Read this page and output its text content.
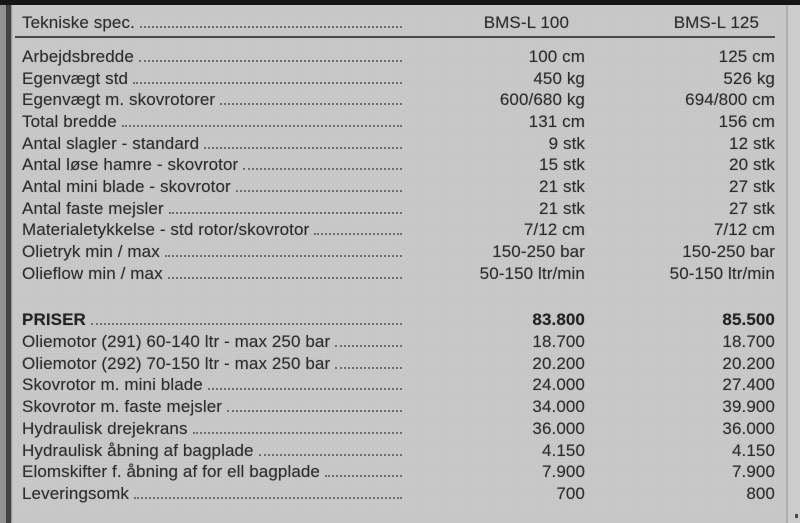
Tekniske spec.	BMS-L 100	BMS-L 125
Arbejdsbredde	100 cm	125 cm
Egenvægt std	450 kg	526 kg
Egenvægt m. skovrotorer	600/680 kg	694/800 cm
Total bredde	131 cm	156 cm
Antal slagler - standard	9 stk	12 stk
Antal løse hamre - skovrotor	15 stk	20 stk
Antal mini blade - skovrotor	21 stk	27 stk
Antal faste mejsler	21 stk	27 stk
Materialetykkelse - std rotor/skovrotor	7/12 cm	7/12 cm
Olietryk min / max	150-250 bar	150-250 bar
Olieflow min / max	50-150 ltr/min	50-150 ltr/min
PRISER	83.800	85.500
Oliemotor (291) 60-140 ltr - max 250 bar	18.700	18.700
Oliemotor (292) 70-150 ltr - max 250 bar	20.200	20.200
Skovrotor m. mini blade	24.000	27.400
Skovrotor m. faste mejsler	34.000	39.900
Hydraulisk drejekrans	36.000	36.000
Hydraulisk åbning af bagplade	4.150	4.150
Elomskifter f. åbning af for ell bagplade	7.900	7.900
Leveringsomk	700	800
